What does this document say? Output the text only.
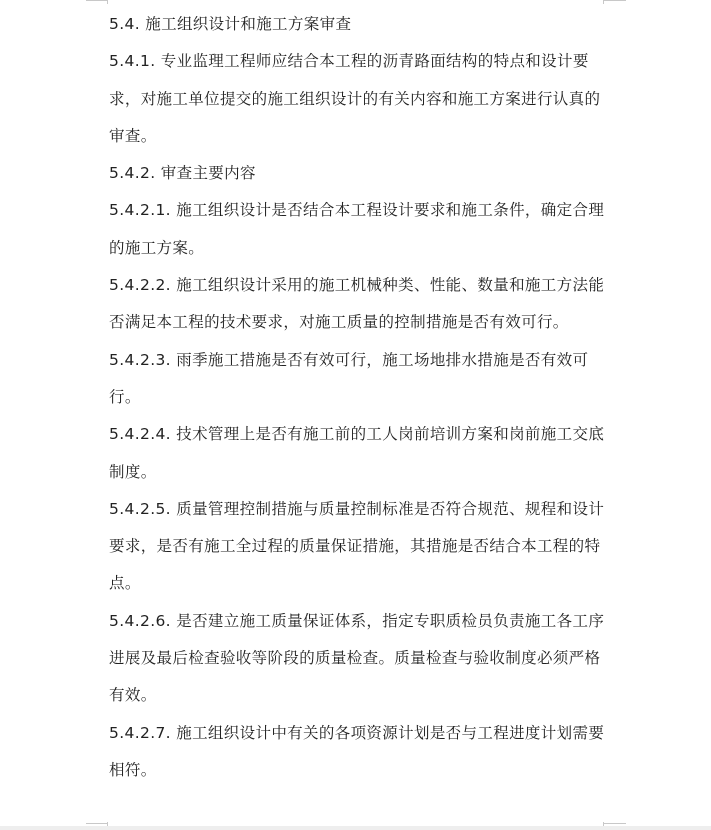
5.4. 施工组织设计和施工方案审查

5.4.1. 专业监理工程师应结合本工程的沥青路面结构的特点和设计要求，对施工单位提交的施工组织设计的有关内容和施工方案进行认真的审查。

5.4.2. 审查主要内容

5.4.2.1. 施工组织设计是否结合本工程设计要求和施工条件，确定合理的施工方案。

5.4.2.2. 施工组织设计采用的施工机械种类、性能、数量和施工方法能否满足本工程的技术要求，对施工质量的控制措施是否有效可行。

5.4.2.3. 雨季施工措施是否有效可行，施工场地排水措施是否有效可行。

5.4.2.4. 技术管理上是否有施工前的工人岗前培训方案和岗前施工交底制度。

5.4.2.5. 质量管理控制措施与质量控制标准是否符合规范、规程和设计要求，是否有施工全过程的质量保证措施，其措施是否结合本工程的特点。

5.4.2.6. 是否建立施工质量保证体系，指定专职质检员负责施工各工序进展及最后检查验收等阶段的质量检查。质量检查与验收制度必须严格有效。

5.4.2.7. 施工组织设计中有关的各项资源计划是否与工程进度计划需要相符。
